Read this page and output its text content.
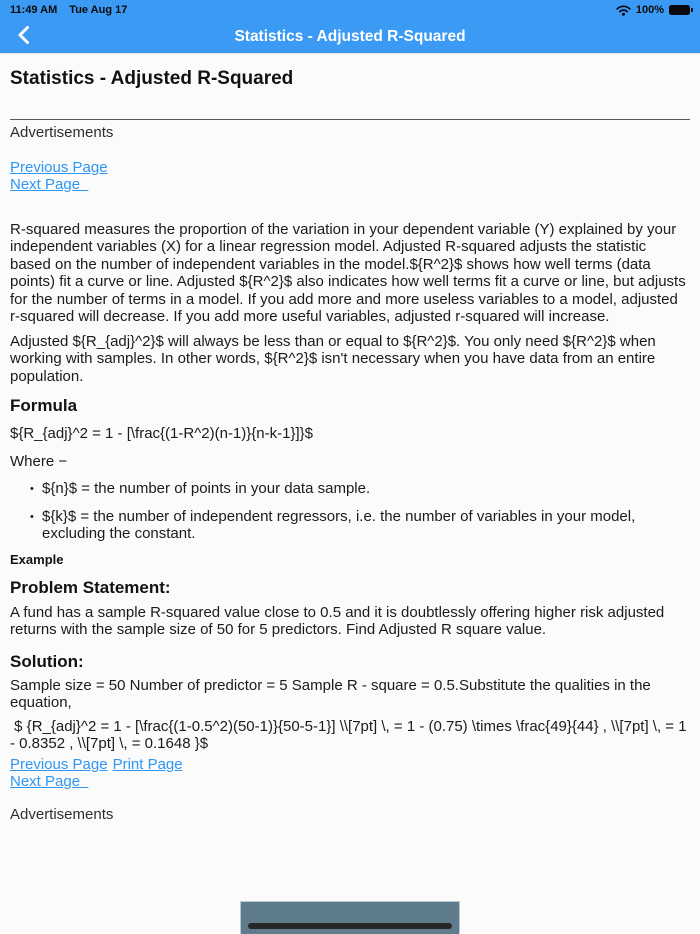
11:49 AM Tue Aug 17	100%
Statistics - Adjusted R-Squared
Statistics - Adjusted R-Squared
Advertisements
Previous Page
Next Page

R-squared measures the proportion of the variation in your dependent variable (Y) explained by your independent variables (X) for a linear regression model. Adjusted R-squared adjusts the statistic based on the number of independent variables in the model.${R^2}$ shows how well terms (data points) fit a curve or line. Adjusted ${R^2}$ also indicates how well terms fit a curve or line, but adjusts for the number of terms in a model. If you add more and more useless variables to a model, adjusted r-squared will decrease. If you add more useful variables, adjusted r-squared will increase.

Adjusted ${R_{adj}^2}$ will always be less than or equal to ${R^2}$. You only need ${R^2}$ when working with samples. In other words, ${R^2}$ isn't necessary when you have data from an entire population.

Formula

${R_{adj}^2 = 1 - [\frac{(1-R^2)(n-1)}{n-k-1}]}$

Where −

• ${n}$ = the number of points in your data sample.
• ${k}$ = the number of independent regressors, i.e. the number of variables in your model, excluding the constant.
Example
Problem Statement:

A fund has a sample R-squared value close to 0.5 and it is doubtlessly offering higher risk adjusted returns with the sample size of 50 for 5 predictors. Find Adjusted R square value.

Solution:

Sample size = 50 Number of predictor = 5 Sample R - square = 0.5.Substitute the qualities in the equation,

$ {R_{adj}^2 = 1 - [\frac{(1-0.5^2)(50-1)}{50-5-1}] \\[7pt] \, = 1 - (0.75) \times \frac{49}{44} , \\[7pt] \, = 1 - 0.8352 , \\[7pt] \, = 0.1648 }$

Previous Page Print Page
Next Page
Advertisements
